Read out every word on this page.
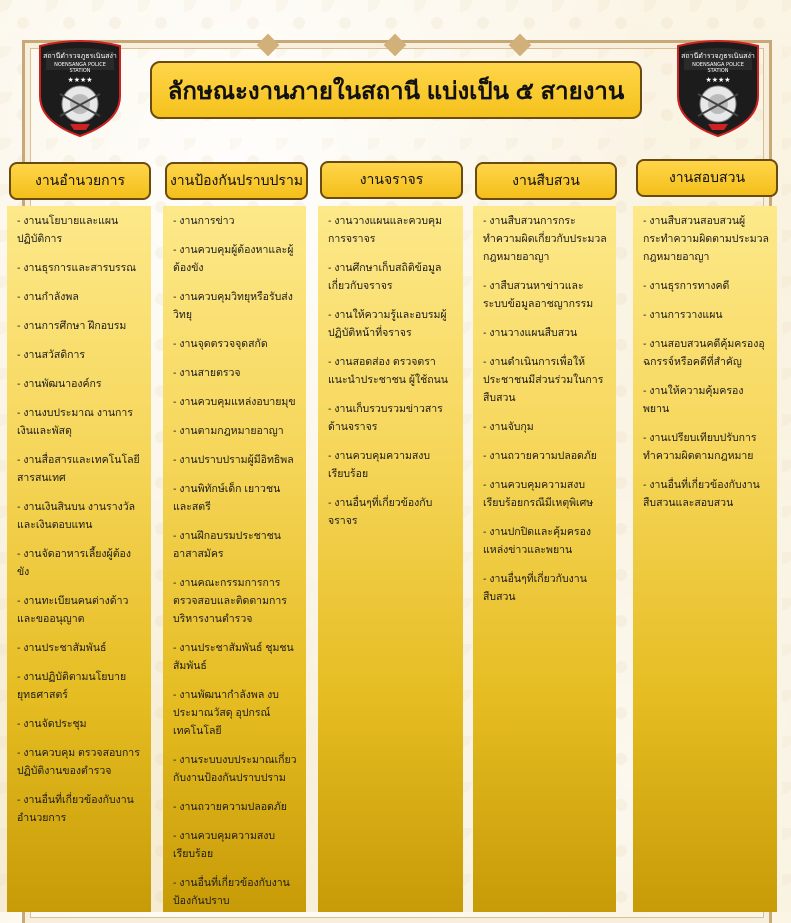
สถานีตำรวจภูธรเนินสง่า
NOENSANGA POLICE
STATION
★★★★
สถานีตำรวจภูธรเนินสง่า
NOENSANGA POLICE
STATION
★★★★
ลักษณะงานภายในสถานี แบ่งเป็น ๕ สายงาน
งานอำนวยการ	งานป้องกันปราบปราม	งานจราจร	งานสืบสวน	งานสอบสวน
- งานนโยบายและแผนปฏิบัติการ
- งานธุรการและสารบรรณ
- งานกำลังพล
- งานการศึกษา ฝึกอบรม
- งานสวัสดิการ
- งานพัฒนาองค์กร
- งานงบประมาณ งานการเงินและพัสดุ
- งานสื่อสารและเทคโนโลยีสารสนเทศ
- งานเงินสินบน งานรางวัลและเงินตอบแทน
- งานจัดอาหารเลี้ยงผู้ต้องขัง
- งานทะเบียนคนต่างด้าวและขออนุญาต
- งานประชาสัมพันธ์
- งานปฏิบัติตามนโยบายยุทธศาสตร์
- งานจัดประชุม
- งานควบคุม ตรวจสอบการปฏิบัติงานของตำรวจ
- งานอื่นที่เกี่ยวข้องกับงานอำนวยการ
- งานการข่าว
- งานควบคุมผู้ต้องหาและผู้ต้องขัง
- งานควบคุมวิทยุหรือรับส่งวิทยุ
- งานจุดตรวจจุดสกัด
- งานสายตรวจ
- งานควบคุมแหล่งอบายมุข
- งานตามกฎหมายอาญา
- งานปราบปรามผู้มีอิทธิพล
- งานพิทักษ์เด็ก เยาวชน และสตรี
- งานฝึกอบรมประชาชนอาสาสมัคร
- งานคณะกรรมการการตรวจสอบและติดตามการบริหารงานตำรวจ
- งานประชาสัมพันธ์ ชุมชนสัมพันธ์
- งานพัฒนากำลังพล งบประมาณวัสดุ อุปกรณ์เทคโนโลยี
- งานระบบงบประมาณเกี่ยวกับงานป้องกันปราบปราม
- งานถวายความปลอดภัย
- งานควบคุมความสงบเรียบร้อย
- งานอื่นที่เกี่ยวข้องกับงานป้องกันปราบ
- งานวางแผนและควบคุมการจราจร
- งานศึกษาเก็บสถิติข้อมูลเกี่ยวกับจราจร
- งานให้ความรู้และอบรมผู้ปฏิบัติหน้าที่จราจร
- งานสอดส่อง ตรวจตราแนะนำประชาชน ผู้ใช้ถนน
- งานเก็บรวบรวมข่าวสารด้านจราจร
- งานควบคุมความสงบเรียบร้อย
- งานอื่นๆที่เกี่ยวข้องกับจราจร
- งานสืบสวนการกระทำความผิดเกี่ยวกับประมวลกฎหมายอาญา
- งาสืบสวนหาข่าวและระบบข้อมูลอาชญากรรม
- งานวางแผนสืบสวน
- งานดำเนินการเพื่อให้ประชาชนมีส่วนร่วมในการสืบสวน
- งานจับกุม
- งานถวายความปลอดภัย
- งานควบคุมความสงบเรียบร้อยกรณีมีเหตุพิเศษ
- งานปกปิดและคุ้มครองแหล่งข่าวและพยาน
- งานอื่นๆที่เกี่ยวกับงานสืบสวน
- งานสืบสวนสอบสวนผู้กระทำความผิดตามประมวลกฎหมายอาญา
- งานธุรการทางคดี
- งานการวางแผน
- งานสอบสวนคดีคุ้มครองอุฉกรรจ์หรือคดีที่สำคัญ
- งานให้ความคุ้มครองพยาน
- งานเปรียบเทียบปรับการทำความผิดตามกฎหมาย
- งานอื่นที่เกี่ยวข้องกับงานสืบสวนและสอบสวน
